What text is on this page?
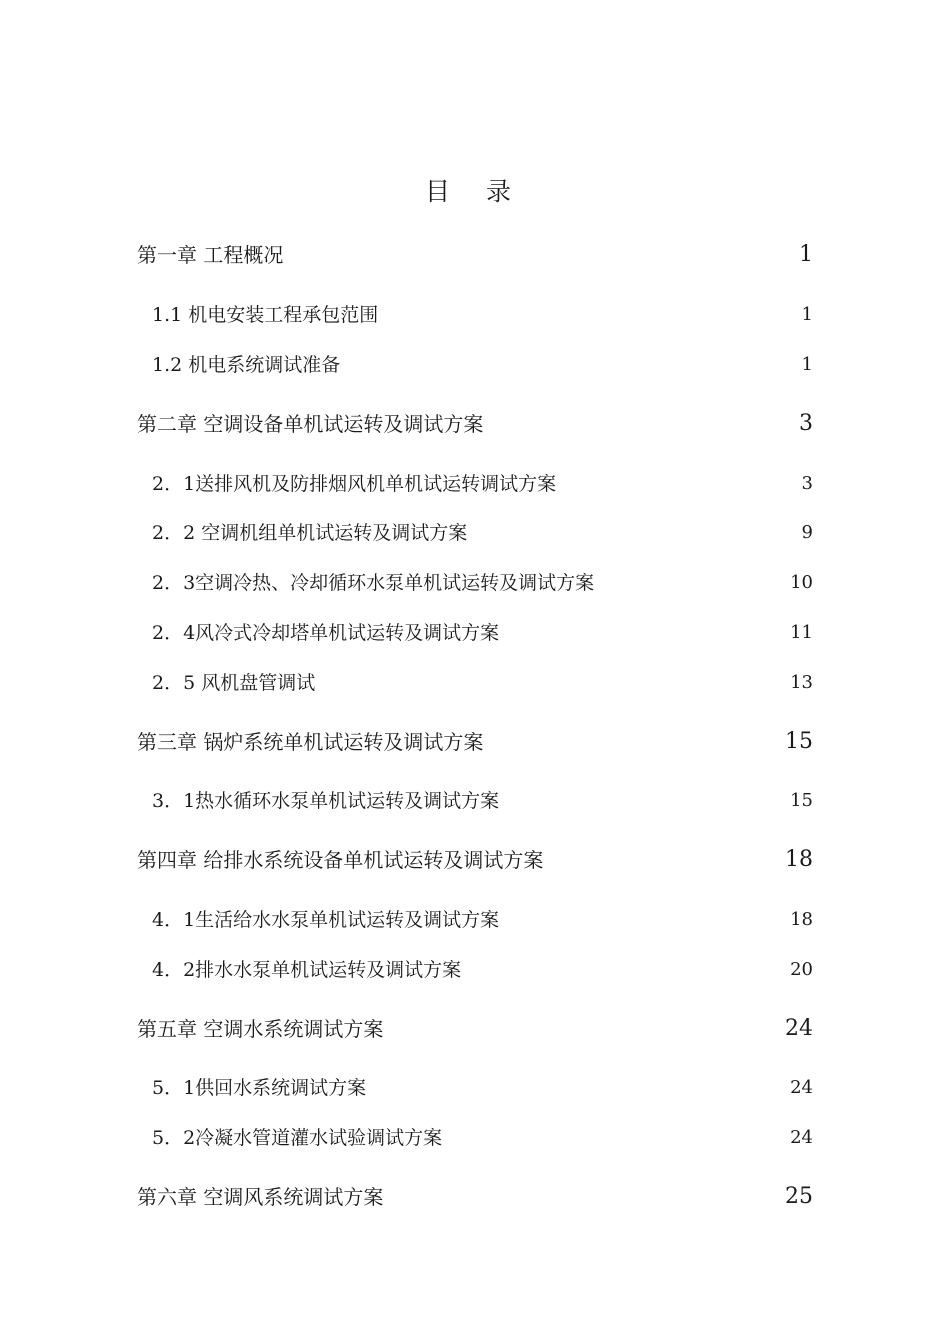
目 录
第一章 工程概况	1
1.1 机电安装工程承包范围	1
1.2 机电系统调试准备	1
第二章 空调设备单机试运转及调试方案	3
2．1送排风机及防排烟风机单机试运转调试方案	3
2．2 空调机组单机试运转及调试方案	9
2．3空调冷热、冷却循环水泵单机试运转及调试方案	10
2．4风冷式冷却塔单机试运转及调试方案	11
2．5 风机盘管调试	13
第三章 锅炉系统单机试运转及调试方案	15
3．1热水循环水泵单机试运转及调试方案	15
第四章 给排水系统设备单机试运转及调试方案	18
4．1生活给水水泵单机试运转及调试方案	18
4．2排水水泵单机试运转及调试方案	20
第五章 空调水系统调试方案	24
5．1供回水系统调试方案	24
5．2冷凝水管道灌水试验调试方案	24
第六章 空调风系统调试方案	25
